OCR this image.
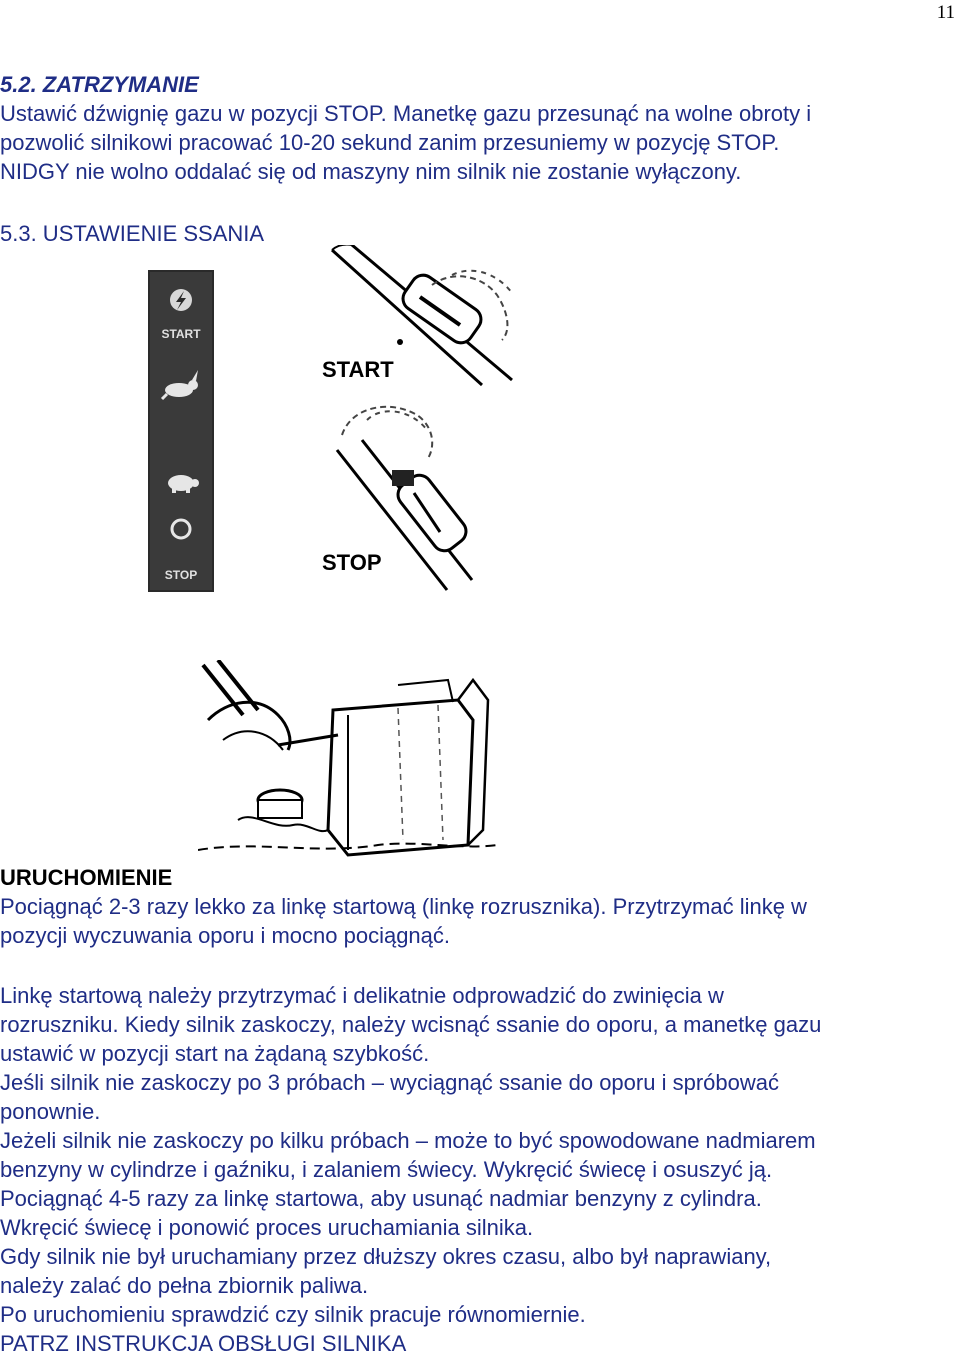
11

5.2. ZATRZYMANIE

Ustawić dźwignię gazu w pozycji STOP. Manetkę gazu przesunąć na wolne obroty i

pozwolić silnikowi pracować 10-20 sekund zanim przesuniemy w pozycję STOP.

NIDGY nie wolno oddalać się od maszyny nim silnik nie zostanie wyłączony.

5.3. USTAWIENIE SSANIA

START
STOP
START
STOP

URUCHOMIENIE

Pociągnąć 2-3 razy lekko za linkę startową (linkę rozrusznika). Przytrzymać linkę w

pozycji wyczuwania oporu i mocno pociągnąć.

Linkę startową należy przytrzymać i delikatnie odprowadzić do zwinięcia w

rozruszniku. Kiedy silnik zaskoczy, należy wcisnąć ssanie do oporu, a manetkę gazu

ustawić w pozycji start na żądaną szybkość.

Jeśli silnik nie zaskoczy po 3 próbach – wyciągnąć ssanie do oporu i spróbować

ponownie.

Jeżeli silnik nie zaskoczy po kilku próbach – może to być spowodowane nadmiarem

benzyny w cylindrze i gaźniku, i zalaniem świecy. Wykręcić świecę i osuszyć ją.

Pociągnąć 4-5 razy za linkę startowa, aby usunąć nadmiar benzyny z cylindra.

Wkręcić świecę i ponowić proces uruchamiania silnika.

Gdy silnik nie był uruchamiany przez dłuższy okres czasu, albo był naprawiany,

należy zalać do pełna zbiornik paliwa.

Po uruchomieniu sprawdzić czy silnik pracuje równomiernie.

PATRZ INSTRUKCJA OBSŁUGI SILNIKA
